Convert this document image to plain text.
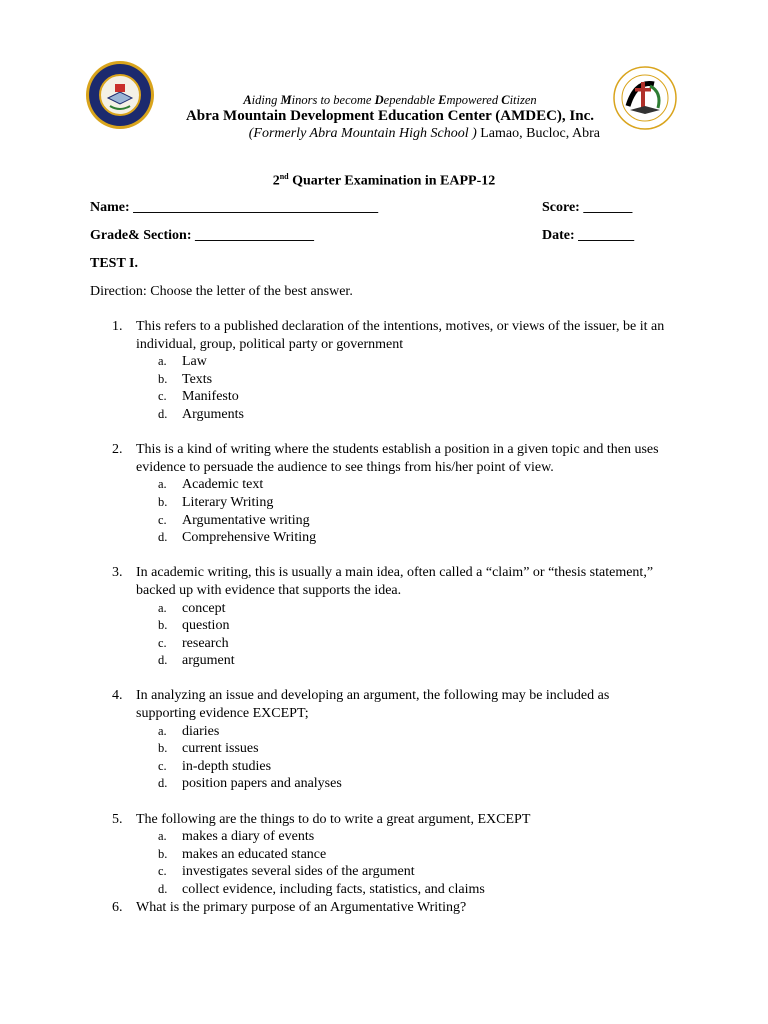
Aiding Minors to become Dependable Empowered Citizen
Abra Mountain Development Education Center (AMDEC), Inc.
(Formerly Abra Mountain High School ) Lamao, Bucloc, Abra
2nd Quarter Examination in EAPP-12
Name: ___________________________________	Score: _______
Grade& Section: _________________	Date: ________
TEST I.
Direction: Choose the letter of the best answer.
1. This refers to a published declaration of the intentions, motives, or views of the issuer, be it an individual, group, political party or government
a.	Law
b.	Texts
c.	Manifesto
d.	Arguments
2. This is a kind of writing where the students establish a position in a given topic and then uses evidence to persuade the audience to see things from his/her point of view.
a.	Academic text
b.	Literary Writing
c.	Argumentative writing
d.	Comprehensive Writing
3. In academic writing, this is usually a main idea, often called a “claim” or “thesis statement,” backed up with evidence that supports the idea.
a.	concept
b.	question
c.	research
d.	argument
4. In analyzing an issue and developing an argument, the following may be included as supporting evidence EXCEPT;
a.	diaries
b.	current issues
c.	in-depth studies
d.	position papers and analyses
5. The following are the things to do to write a great argument, EXCEPT
a.	makes a diary of events
b.	makes an educated stance
c.	investigates several sides of the argument
d.	collect evidence, including facts, statistics, and claims
6. What is the primary purpose of an Argumentative Writing?
